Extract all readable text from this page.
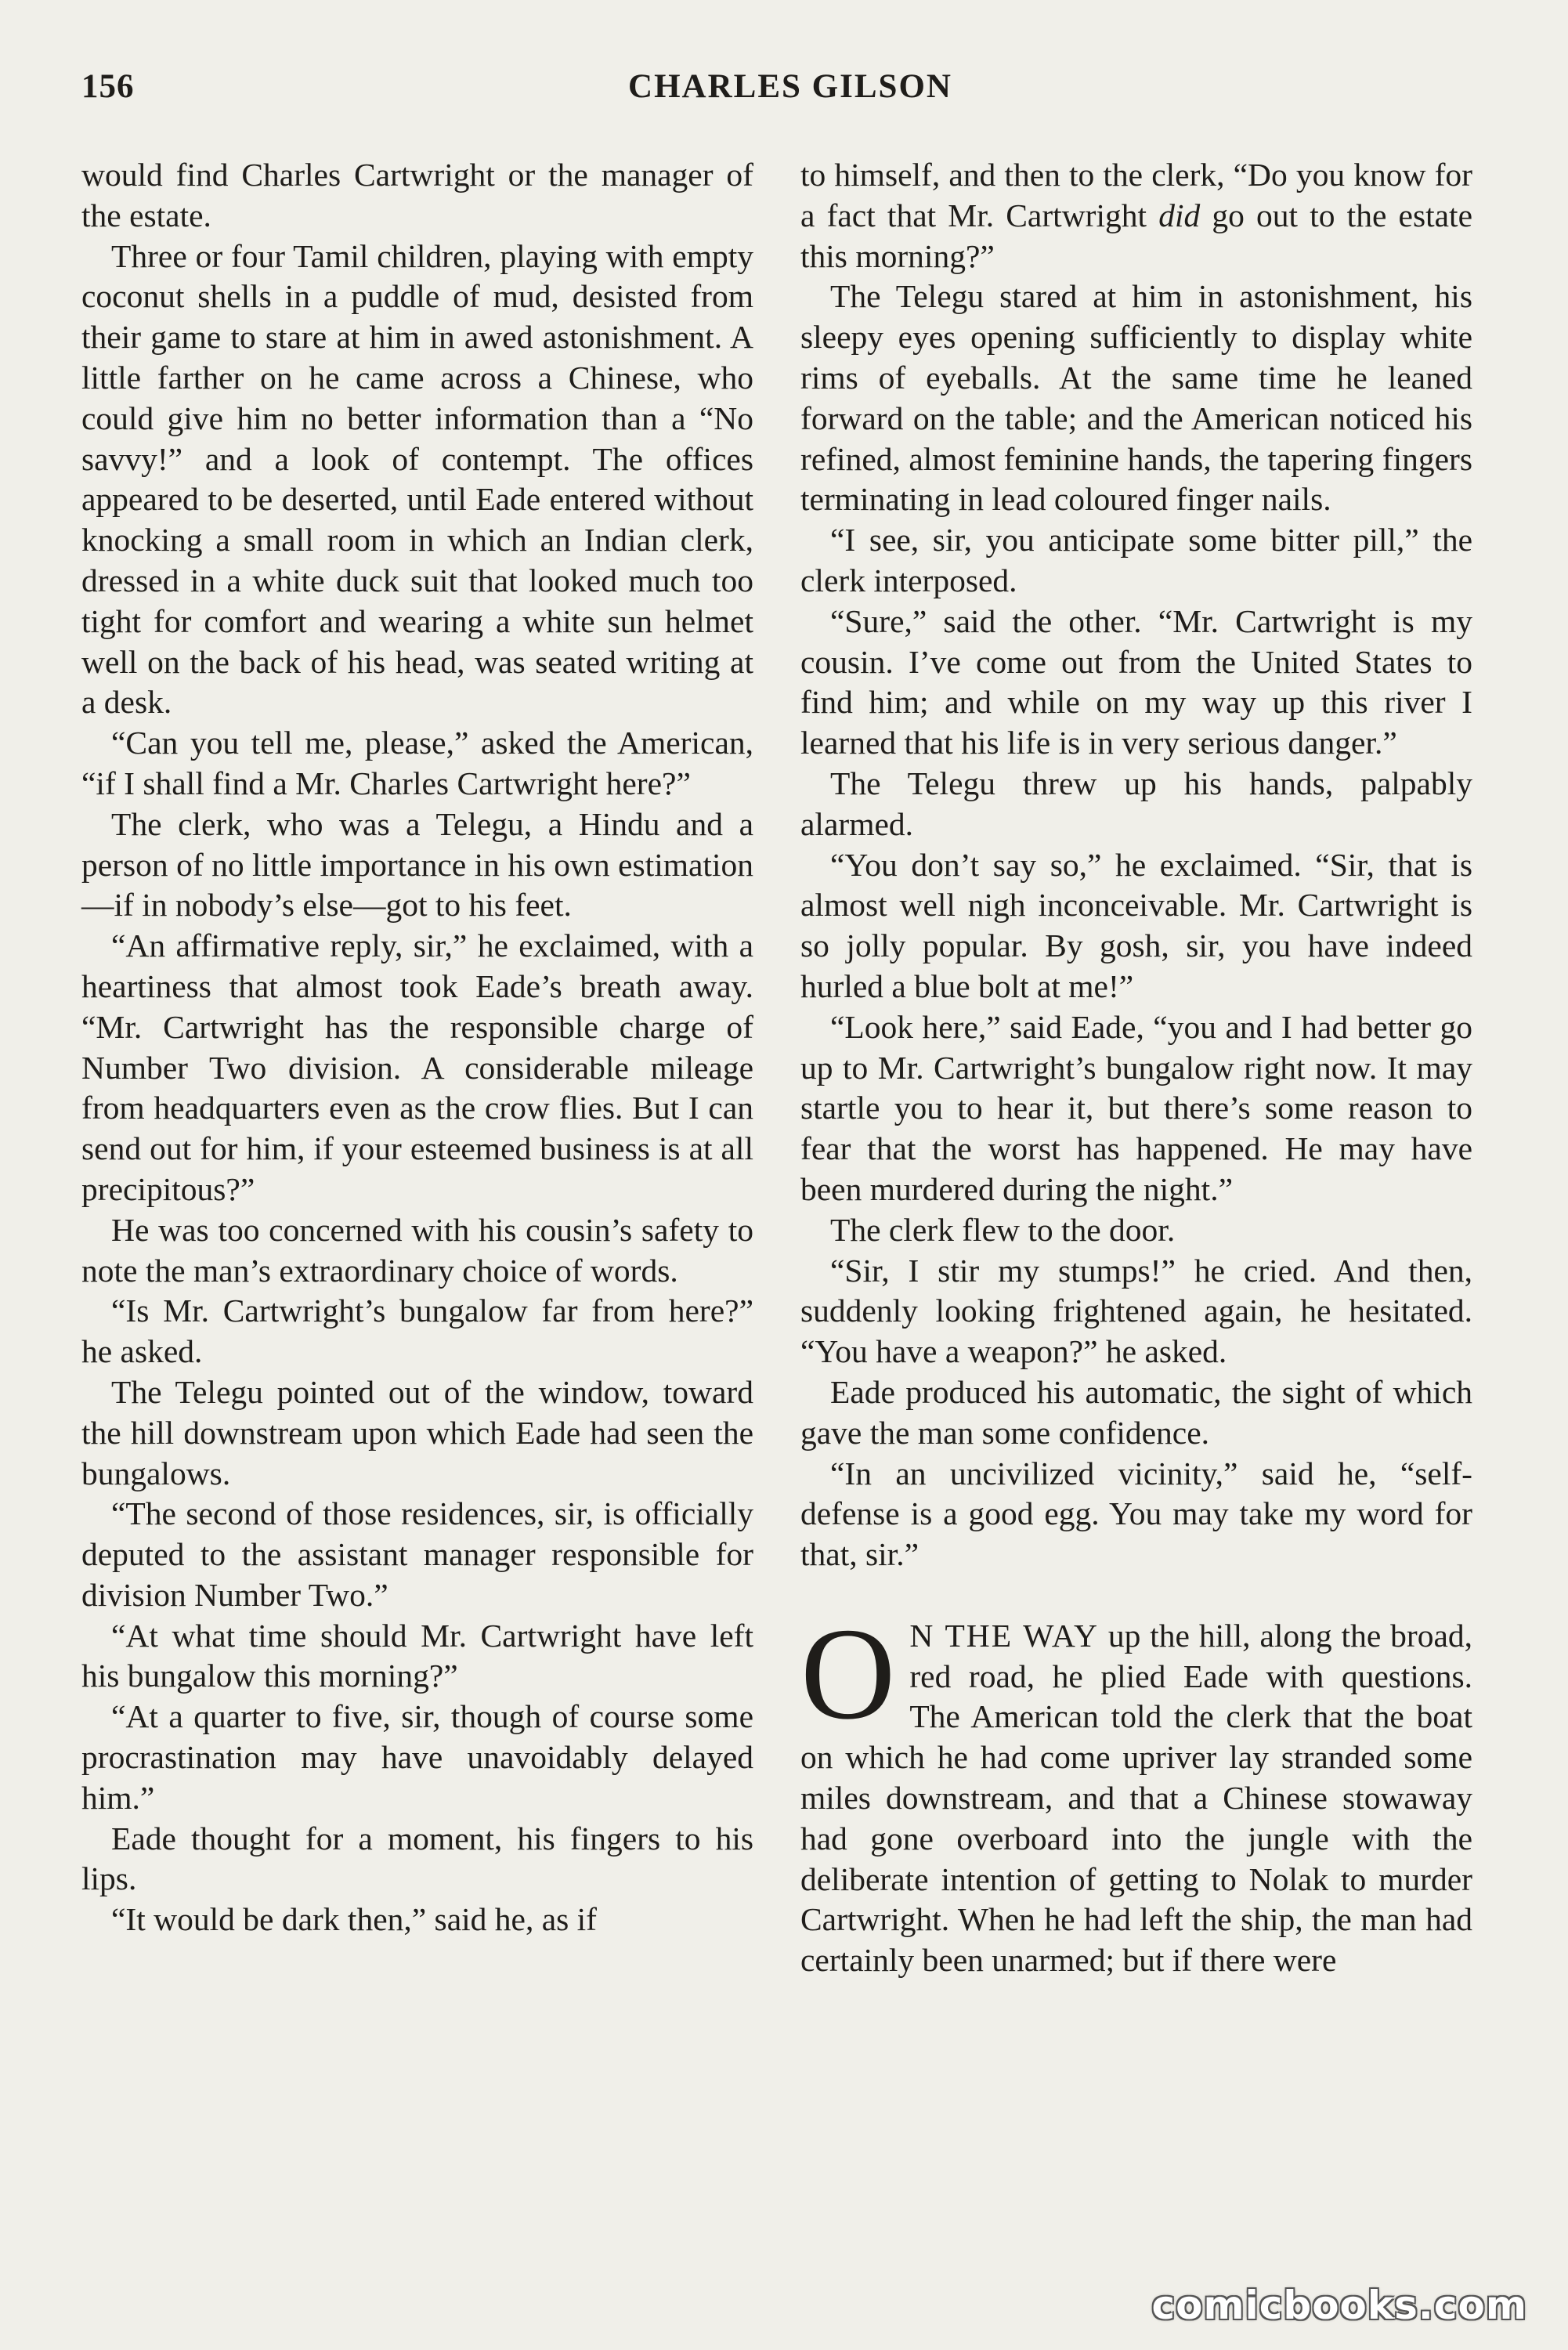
156	CHARLES GILSON

would find Charles Cartwright or the manager of the estate.

Three or four Tamil children, playing with empty coconut shells in a puddle of mud, desisted from their game to stare at him in awed astonishment. A little farther on he came across a Chinese, who could give him no better information than a “No savvy!” and a look of contempt. The offices appeared to be deserted, until Eade entered without knocking a small room in which an Indian clerk, dressed in a white duck suit that looked much too tight for comfort and wearing a white sun helmet well on the back of his head, was seated writing at a desk.

“Can you tell me, please,” asked the American, “if I shall find a Mr. Charles Cartwright here?”

The clerk, who was a Telegu, a Hindu and a person of no little importance in his own estimation—if in nobody’s else—got to his feet.

“An affirmative reply, sir,” he exclaimed, with a heartiness that almost took Eade’s breath away. “Mr. Cartwright has the responsible charge of Number Two division. A considerable mileage from headquarters even as the crow flies. But I can send out for him, if your esteemed business is at all precipitous?”

He was too concerned with his cousin’s safety to note the man’s extraordinary choice of words.

“Is Mr. Cartwright’s bungalow far from here?” he asked.

The Telegu pointed out of the window, toward the hill downstream upon which Eade had seen the bungalows.

“The second of those residences, sir, is officially deputed to the assistant manager responsible for division Number Two.”

“At what time should Mr. Cartwright have left his bungalow this morning?”

“At a quarter to five, sir, though of course some procrastination may have unavoidably delayed him.”

Eade thought for a moment, his fingers to his lips.

“It would be dark then,” said he, as if

to himself, and then to the clerk, “Do you know for a fact that Mr. Cartwright did go out to the estate this morning?”

The Telegu stared at him in astonishment, his sleepy eyes opening sufficiently to display white rims of eyeballs. At the same time he leaned forward on the table; and the American noticed his refined, almost feminine hands, the tapering fingers terminating in lead coloured finger nails.

“I see, sir, you anticipate some bitter pill,” the clerk interposed.

“Sure,” said the other. “Mr. Cartwright is my cousin. I’ve come out from the United States to find him; and while on my way up this river I learned that his life is in very serious danger.”

The Telegu threw up his hands, palpably alarmed.

“You don’t say so,” he exclaimed. “Sir, that is almost well nigh inconceivable. Mr. Cartwright is so jolly popular. By gosh, sir, you have indeed hurled a blue bolt at me!”

“Look here,” said Eade, “you and I had better go up to Mr. Cartwright’s bungalow right now. It may startle you to hear it, but there’s some reason to fear that the worst has happened. He may have been murdered during the night.”

The clerk flew to the door.

“Sir, I stir my stumps!” he cried. And then, suddenly looking frightened again, he hesitated. “You have a weapon?” he asked.

Eade produced his automatic, the sight of which gave the man some confidence.

“In an uncivilized vicinity,” said he, “self-defense is a good egg. You may take my word for that, sir.”

O N THE WAY up the hill, along the broad, red road, he plied Eade with questions. The American told the clerk that the boat on which he had come upriver lay stranded some miles downstream, and that a Chinese stowaway had gone overboard into the jungle with the deliberate intention of getting to Nolak to murder Cartwright. When he had left the ship, the man had certainly been unarmed; but if there were

comicbooks.com
